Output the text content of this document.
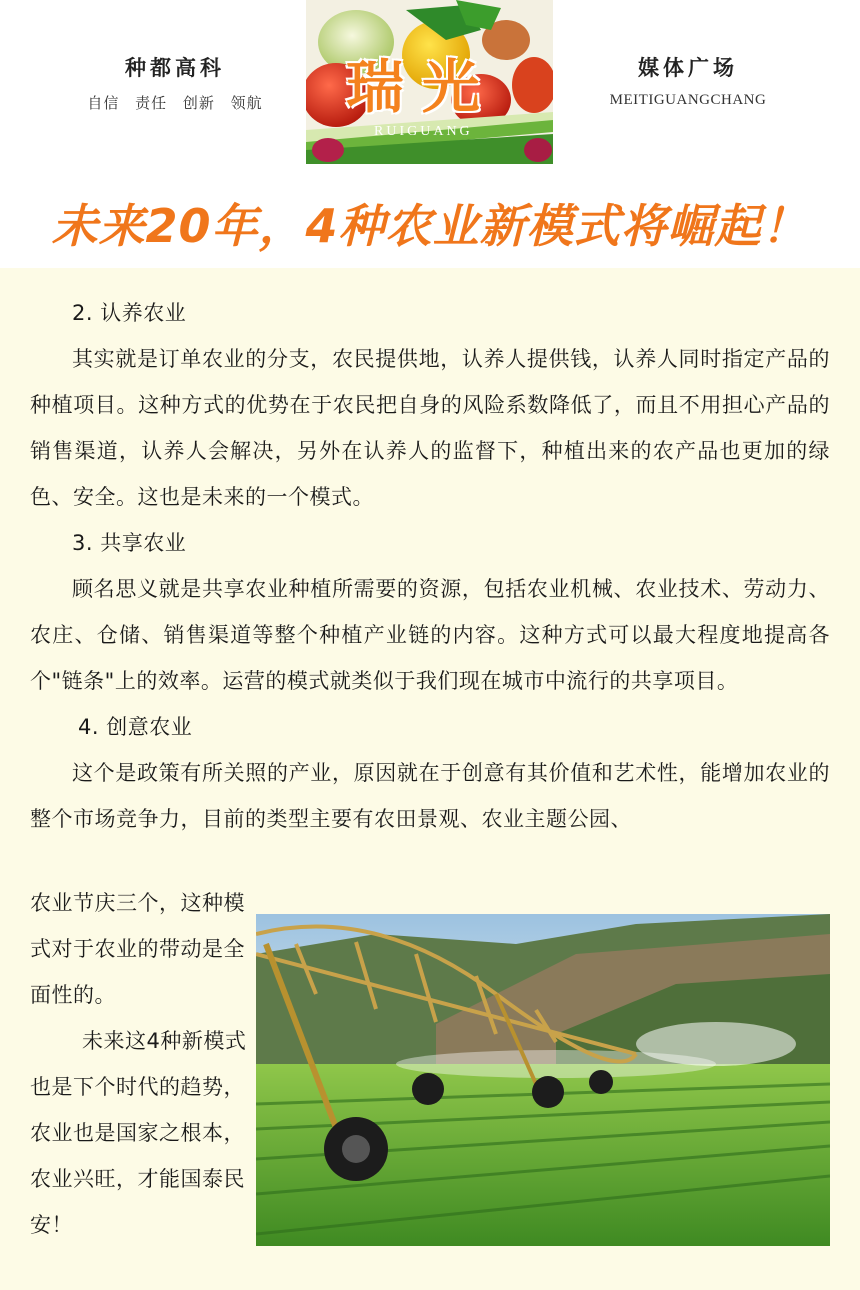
种都高科
自信 责任 创新 领航 瑞光
RUIGUANG
媒体广场
MEITIGUANGCHANG
未来20年，4种农业新模式将崛起！
2. 认养农业
其实就是订单农业的分支，农民提供地，认养人提供钱，认养人同时指定产品的种植项目。这种方式的优势在于农民把自身的风险系数降低了，而且不用担心产品的销售渠道，认养人会解决，另外在认养人的监督下，种植出来的农产品也更加的绿色、安全。这也是未来的一个模式。
3. 共享农业
顾名思义就是共享农业种植所需要的资源，包括农业机械、农业技术、劳动力、农庄、仓储、销售渠道等整个种植产业链的内容。这种方式可以最大程度地提高各个"链条"上的效率。运营的模式就类似于我们现在城市中流行的共享项目。
4. 创意农业
这个是政策有所关照的产业，原因就在于创意有其价值和艺术性，能增加农业的整个市场竞争力，目前的类型主要有农田景观、农业主题公园、
农业节庆三个，这种模式对于农业的带动是全面性的。
未来这4种新模式也是下个时代的趋势，农业也是国家之根本，农业兴旺，才能国泰民安！
